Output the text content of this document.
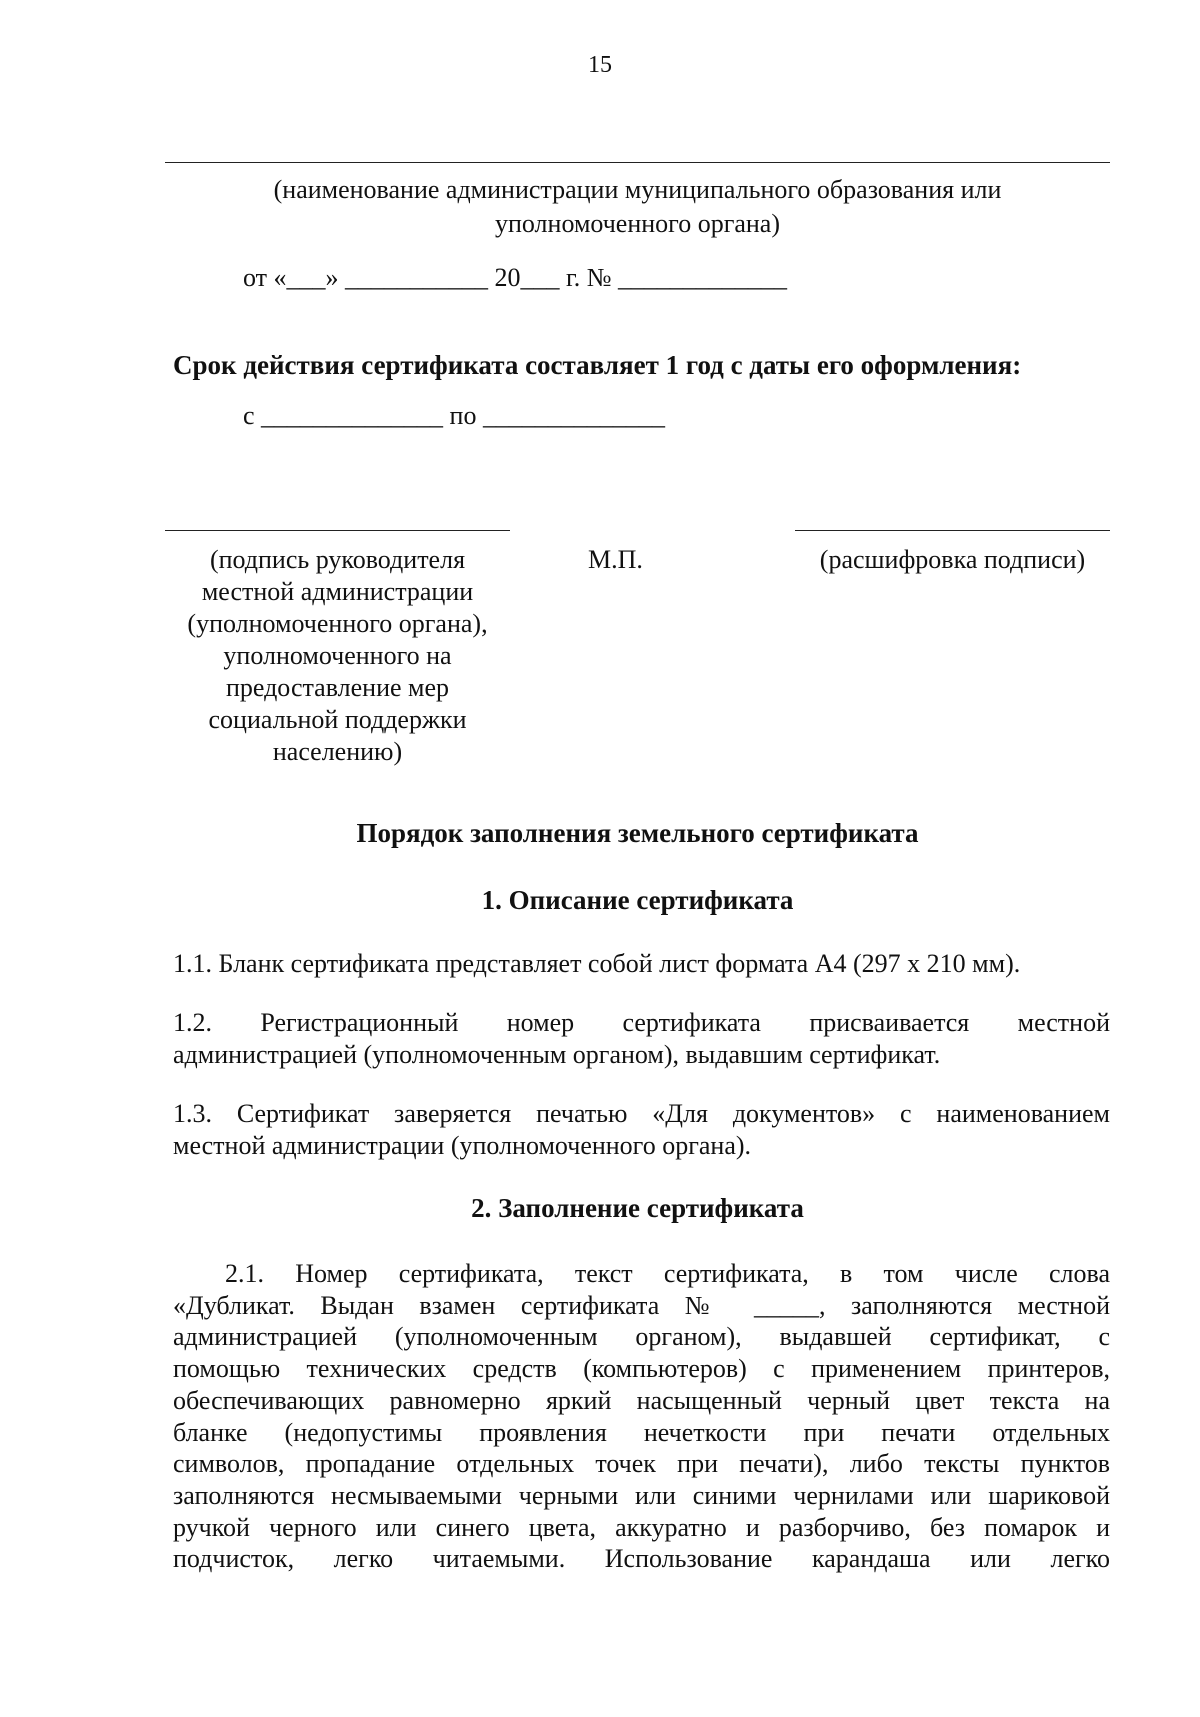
15
(наименование администрации муниципального образования или
уполномоченного органа)
от «___» ___________ 20___ г. № _____________
Срок действия сертификата составляет 1 год с даты его оформления:
с ______________ по ______________
(подпись руководителя
местной администрации
(уполномоченного органа),
уполномоченного на
предоставление мер
социальной поддержки
населению)
М.П.	(расшифровка подписи)
Порядок заполнения земельного сертификата
1. Описание сертификата
1.1. Бланк сертификата представляет собой лист формата А4 (297 х 210 мм).
1.2. Регистрационный номер сертификата присваивается местной
администрацией (уполномоченным органом), выдавшим сертификат.
1.3. Сертификат заверяется печатью «Для документов» с наименованием
местной администрации (уполномоченного органа).
2. Заполнение сертификата
2.1. Номер сертификата, текст сертификата, в том числе слова
«Дубликат. Выдан взамен сертификата № _____, заполняются местной
администрацией (уполномоченным органом), выдавшей сертификат, с
помощью технических средств (компьютеров) с применением принтеров,
обеспечивающих равномерно яркий насыщенный черный цвет текста на
бланке (недопустимы проявления нечеткости при печати отдельных
символов, пропадание отдельных точек при печати), либо тексты пунктов
заполняются несмываемыми черными или синими чернилами или шариковой
ручкой черного или синего цвета, аккуратно и разборчиво, без помарок и
подчисток, легко читаемыми. Использование карандаша или легко
